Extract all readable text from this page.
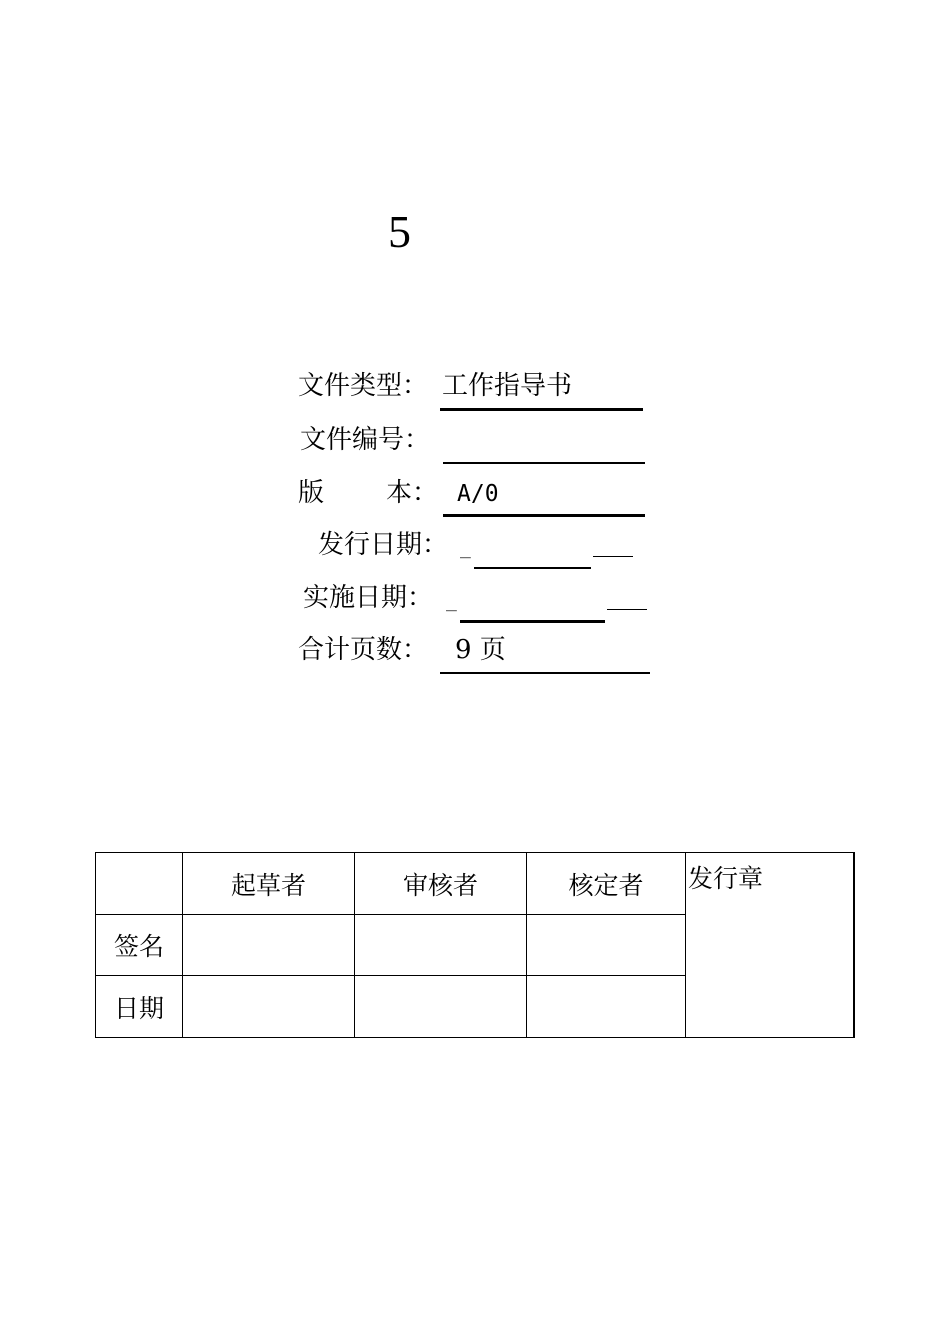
5
文件类型： 工作指导书
文件编号：
版 本： A/0
发行日期： _
实施日期： _
合计页数： 9 页
	起草者	审核者	核定者	发行章
签名				
日期				
